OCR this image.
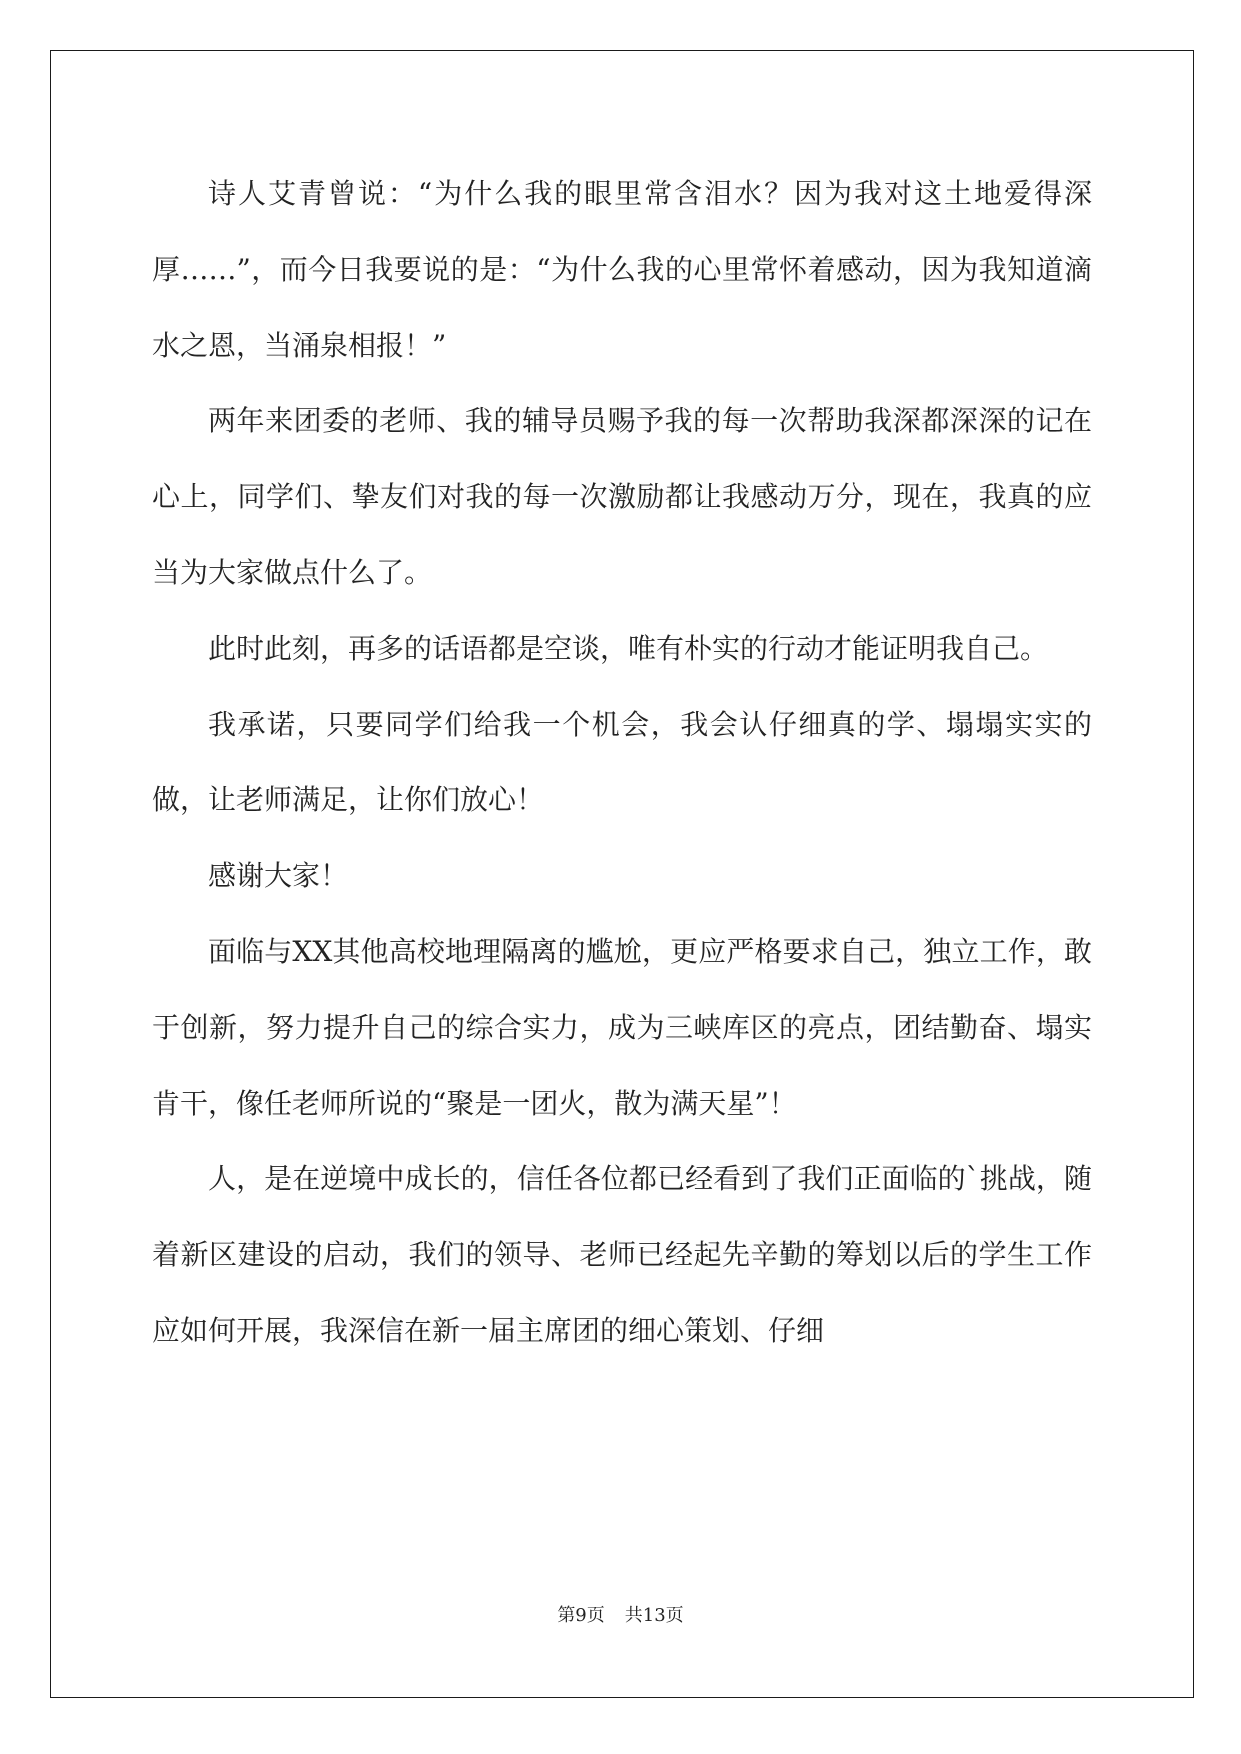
诗人艾青曾说：“为什么我的眼里常含泪水？因为我对这土地爱得深厚……”，而今日我要说的是：“为什么我的心里常怀着感动，因为我知道滴水之恩，当涌泉相报！”

两年来团委的老师、我的辅导员赐予我的每一次帮助我深都深深的记在心上，同学们、挚友们对我的每一次激励都让我感动万分，现在，我真的应当为大家做点什么了。

此时此刻，再多的话语都是空谈，唯有朴实的行动才能证明我自己。

我承诺，只要同学们给我一个机会，我会认仔细真的学、塌塌实实的做，让老师满足，让你们放心！

感谢大家！

面临与XX其他高校地理隔离的尴尬，更应严格要求自己，独立工作，敢于创新，努力提升自己的综合实力，成为三峡库区的亮点，团结勤奋、塌实肯干，像任老师所说的“聚是一团火，散为满天星”！

人，是在逆境中成长的，信任各位都已经看到了我们正面临的`挑战，随着新区建设的启动，我们的领导、老师已经起先辛勤的筹划以后的学生工作应如何开展，我深信在新一届主席团的细心策划、仔细

第9页 共13页
